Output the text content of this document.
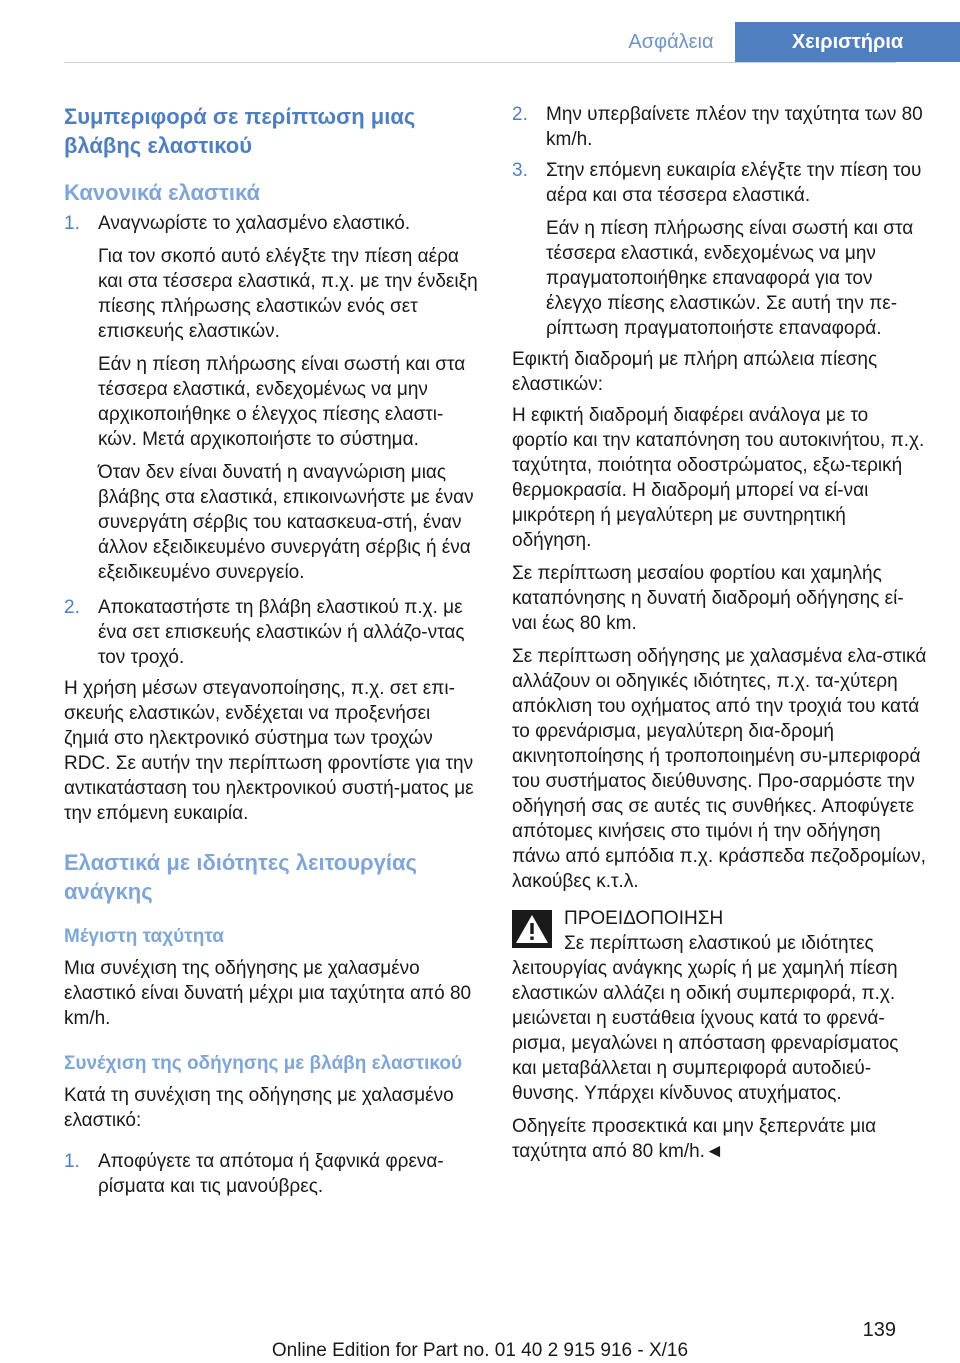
Ασφάλεια	Χειριστήρια
Συμπεριφορά σε περίπτωση μιας βλάβης ελαστικού
Κανονικά ελαστικά
1. Αναγνωρίστε το χαλασμένο ελαστικό.

Για τον σκοπό αυτό ελέγξτε την πίεση αέρα και στα τέσσερα ελαστικά, π.χ. με την ένδειξη πίεσης πλήρωσης ελαστικών ενός σετ επισκευής ελαστικών.

Εάν η πίεση πλήρωσης είναι σωστή και στα τέσσερα ελαστικά, ενδεχομένως να μην αρχικοποιήθηκε ο έλεγχος πίεσης ελαστι‐κών. Μετά αρχικοποιήστε το σύστημα.

Όταν δεν είναι δυνατή η αναγνώριση μιας βλάβης στα ελαστικά, επικοινωνήστε με έναν συνεργάτη σέρβις του κατασκευα‐στή, έναν άλλον εξειδικευμένο συνεργάτη σέρβις ή ένα εξειδικευμένο συνεργείο.

2. Αποκαταστήστε τη βλάβη ελαστικού π.χ. με ένα σετ επισκευής ελαστικών ή αλλάζο‐ντας τον τροχό.

Η χρήση μέσων στεγανοποίησης, π.χ. σετ επι‐σκευής ελαστικών, ενδέχεται να προξενήσει ζημιά στο ηλεκτρονικό σύστημα των τροχών RDC. Σε αυτήν την περίπτωση φροντίστε για την αντικατάσταση του ηλεκτρονικού συστή‐ματος με την επόμενη ευκαιρία.

Ελαστικά με ιδιότητες λειτουργίας ανάγκης
Μέγιστη ταχύτητα

Μια συνέχιση της οδήγησης με χαλασμένο ελαστικό είναι δυνατή μέχρι μια ταχύτητα από 80 km/h.

Συνέχιση της οδήγησης με βλάβη ελαστικού

Κατά τη συνέχιση της οδήγησης με χαλασμένο ελαστικό:

1. Αποφύγετε τα απότομα ή ξαφνικά φρενα‐ρίσματα και τις μανούβρες.

2. Μην υπερβαίνετε πλέον την ταχύτητα των 80 km/h.

3. Στην επόμενη ευκαιρία ελέγξτε την πίεση του αέρα και στα τέσσερα ελαστικά.

Εάν η πίεση πλήρωσης είναι σωστή και στα τέσσερα ελαστικά, ενδεχομένως να μην πραγματοποιήθηκε επαναφορά για τον έλεγχο πίεσης ελαστικών. Σε αυτή την πε‐ρίπτωση πραγματοποιήστε επαναφορά.

Εφικτή διαδρομή με πλήρη απώλεια πίεσης ελαστικών:

Η εφικτή διαδρομή διαφέρει ανάλογα με το φορτίο και την καταπόνηση του αυτοκινήτου, π.χ. ταχύτητα, ποιότητα οδοστρώματος, εξω‐τερική θερμοκρασία. Η διαδρομή μπορεί να εί‐ναι μικρότερη ή μεγαλύτερη με συντηρητική οδήγηση.

Σε περίπτωση μεσαίου φορτίου και χαμηλής καταπόνησης η δυνατή διαδρομή οδήγησης εί‐ναι έως 80 km.

Σε περίπτωση οδήγησης με χαλασμένα ελα‐στικά αλλάζουν οι οδηγικές ιδιότητες, π.χ. τα‐χύτερη απόκλιση του οχήματος από την τροχιά του κατά το φρενάρισμα, μεγαλύτερη δια‐δρομή ακινητοποίησης ή τροποποιημένη συ‐μπεριφορά του συστήματος διεύθυνσης. Προ‐σαρμόστε την οδήγησή σας σε αυτές τις συνθήκες. Αποφύγετε απότομες κινήσεις στο τιμόνι ή την οδήγηση πάνω από εμπόδια π.χ. κράσπεδα πεζοδρομίων, λακούβες κ.τ.λ.

ΠΡΟΕΙΔΟΠΟΙΗΣΗ

Σε περίπτωση ελαστικού με ιδιότητες

λειτουργίας ανάγκης χωρίς ή με χαμηλή πίεση ελαστικών αλλάζει η οδική συμπεριφορά, π.χ. μειώνεται η ευστάθεια ίχνους κατά το φρενά‐ρισμα, μεγαλώνει η απόσταση φρεναρίσματος και μεταβάλλεται η συμπεριφορά αυτοδιεύ‐θυνσης. Υπάρχει κίνδυνος ατυχήματος.

Οδηγείτε προσεκτικά και μην ξεπερνάτε μια ταχύτητα από 80 km/h.◄

139
Online Edition for Part no. 01 40 2 915 916 - X/16
